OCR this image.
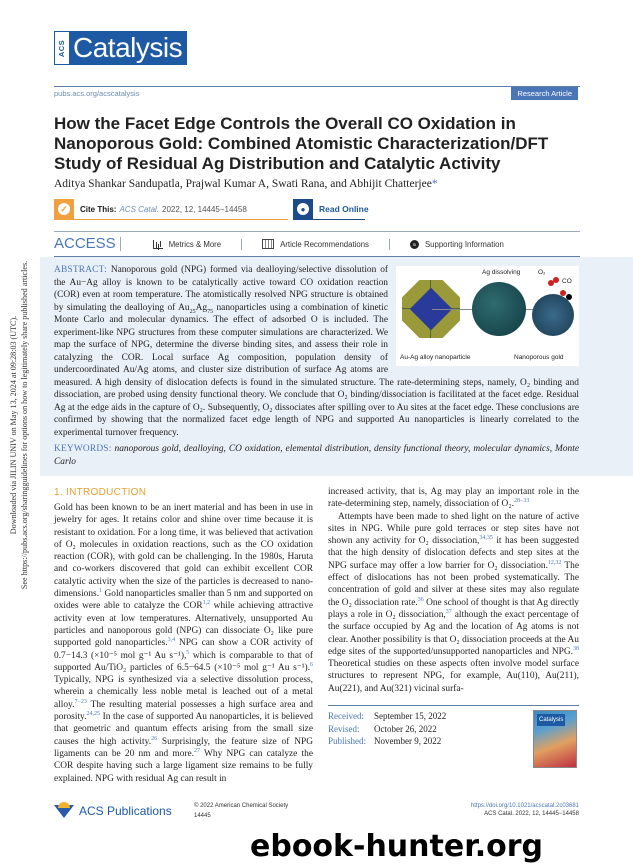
Downloaded via JILIN UNIV on May 13, 2024 at 09:28:03 (UTC). See https://pubs.acs.org/sharingguidelines for options on how to legitimately share published articles.
ACS Catalysis
pubs.acs.org/acscatalysis	Research Article
How the Facet Edge Controls the Overall CO Oxidation in Nanoporous Gold: Combined Atomistic Characterization/DFT Study of Residual Ag Distribution and Catalytic Activity
Aditya Shankar Sandupatla, Prajwal Kumar A, Swati Rana, and Abhijit Chatterjee*
✓ Cite This: ACS Catal. 2022, 12, 14445−14458	●	Read Online
ACCESS	Metrics & More	Article Recommendations	SI	Supporting Information
Ag dissolving	O₂
CO
Au-Ag alloy nanoparticle	Nanoporous gold
ABSTRACT: Nanoporous gold (NPG) formed via dealloying/selective dissolution of the Au−Ag alloy is known to be catalytically active toward CO oxidation reaction (COR) even at room temperature. The atomistically resolved NPG structure is obtained by simulating the dealloying of $Au_{25}Ag_{75}$ nanoparticles using a combination of kinetic Monte Carlo and molecular dynamics. The effect of adsorbed O is included. The experiment-like NPG structures from these computer simulations are characterized. We map the surface of NPG, determine the diverse binding sites, and assess their role in catalyzing the COR. Local surface Ag composition, population density of undercoordinated Au/Ag atoms, and cluster size distribution of surface Ag atoms are measured. A high density of dislocation defects is found in the simulated structure. The rate-determining steps, namely, O₂ binding and dissociation, are probed using density functional theory. We conclude that O₂ binding/dissociation is facilitated at the facet edge. Residual Ag at the edge aids in the capture of O₂. Subsequently, O₂ dissociates after spilling over to Au sites at the facet edge. These conclusions are confirmed by showing that the normalized facet edge length of NPG and supported Au nanoparticles is linearly correlated to the experimental turnover frequency.
KEYWORDS: nanoporous gold, dealloying, CO oxidation, elemental distribution, density functional theory, molecular dynamics, Monte Carlo
1. INTRODUCTION

Gold has been known to be an inert material and has been in use in jewelry for ages. It retains color and shine over time because it is resistant to oxidation. For a long time, it was believed that activation of O₂ molecules in oxidation reactions, such as the CO oxidation reaction (COR), with gold can be challenging. In the 1980s, Haruta and co-workers discovered that gold can exhibit excellent COR catalytic activity when the size of the particles is decreased to nano-dimensions.$^1$ Gold nanoparticles smaller than 5 nm and supported on oxides were able to catalyze the COR$^{1,2}$ while achieving attractive activity even at low temperatures. Alternatively, unsupported Au particles and nanoporous gold (NPG) can dissociate O₂ like pure supported gold nanoparticles.$^{3,4}$ NPG can show a COR activity of 0.7−14.3 (×10⁻⁵ mol g⁻¹ Au s⁻¹),$^5$ which is comparable to that of supported Au/TiO₂ particles of 6.5−64.5 (×10⁻⁵ mol g⁻¹ Au s⁻¹).$^6$ Typically, NPG is synthesized via a selective dissolution process, wherein a chemically less noble metal is leached out of a metal alloy.$^{7-23}$ The resulting material possesses a high surface area and porosity.$^{24,25}$ In the case of supported Au nanoparticles, it is believed that geometric and quantum effects arising from the small size causes the high activity.$^{26}$ Surprisingly, the feature size of NPG ligaments can be 20 nm and more.$^{27}$ Why NPG can catalyze the COR despite having such a large ligament size remains to be fully explained. NPG with residual Ag can result in

increased activity, that is, Ag may play an important role in the rate-determining step, namely, dissociation of O₂.$^{28-33}$

Attempts have been made to shed light on the nature of active sites in NPG. While pure gold terraces or step sites have not shown any activity for O₂ dissociation,$^{34,35}$ it has been suggested that the high density of dislocation defects and step sites at the NPG surface may offer a low barrier for O₂ dissociation.$^{12,32}$ The effect of dislocations has not been probed systematically. The concentration of gold and silver at these sites may also regulate the O₂ dissociation rate.$^{36}$ One school of thought is that Ag directly plays a role in O₂ dissociation,$^{37}$ although the exact percentage of the surface occupied by Ag and the location of Ag atoms is not clear. Another possibility is that O₂ dissociation proceeds at the Au edge sites of the supported/unsupported nanoparticles and NPG.$^{38}$ Theoretical studies on these aspects often involve model surface structures to represent NPG, for example, Au(110), Au(211), Au(221), and Au(321) vicinal surfa-

Received:	September 15, 2022
Revised:	October 26, 2022
Published: November 9, 2022
Catalysis
ACS Publications	© 2022 American Chemical Society
14445
https://doi.org/10.1021/acscatal.2c03681
ACS Catal. 2022, 12, 14445−14458
ebook-hunter.org
